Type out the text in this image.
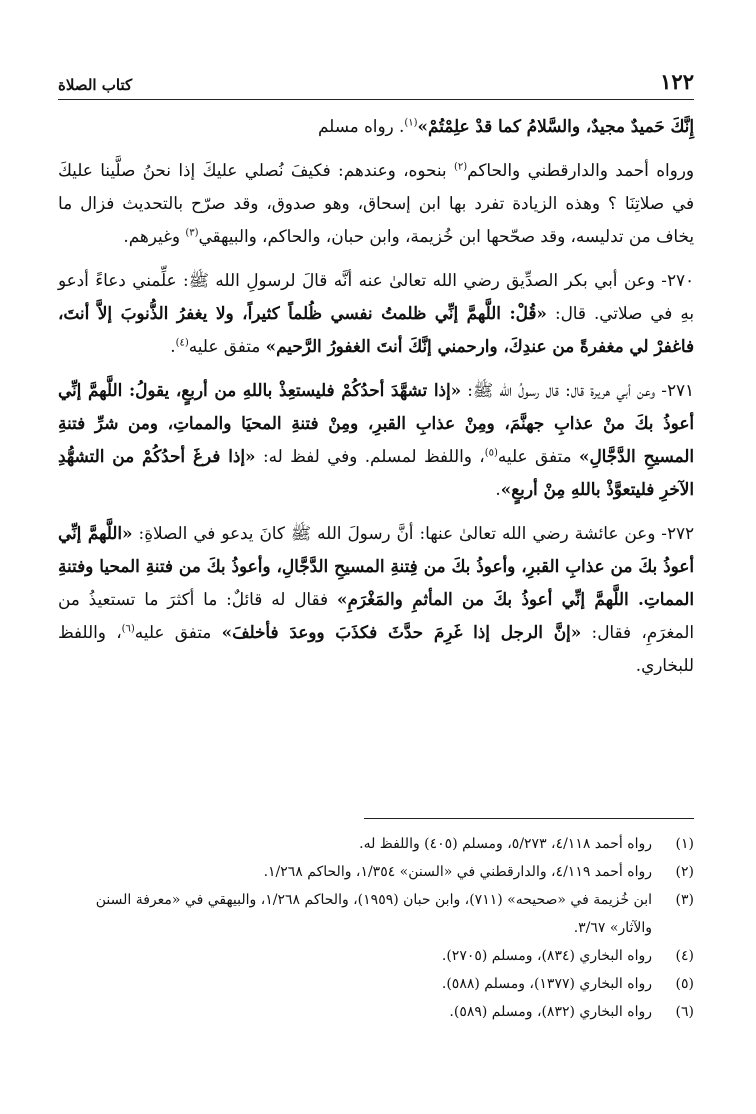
١٢٢
كتاب الصلاة

إِنَّكَ حَميدٌ مجيدٌ، والسَّلامُ كما قدْ علِمْتُمْ»$^{(١)}$. رواه مسلم

ورواه أحمد والدارقطني والحاكم$^{(٢)}$ بنحوه، وعندهم: فكيفَ نُصلي عليكَ إذا نحنُ صلَّينا عليكَ في صلاتِنَا ؟ وهذه الزيادة تفرد بها ابن إسحاق، وهو صدوق، وقد صرّح بالتحديث فزال ما يخاف من تدليسه، وقد صحّحها ابن خُزيمة، وابن حبان، والحاكم، والبيهقي$^{(٣)}$ وغيرهم.

٢٧٠- وعن أبي بكر الصدِّيق رضي الله تعالىٰ عنه أنَّه قالَ لرسولِ الله ﷺ: علِّمني دعاءً أدعو بهِ في صلاتي. قال: «قُلْ: اللَّهمَّ إنِّي ظلمتُ نفسي ظُلماً كثيراً، ولا يغفرُ الذُّنوبَ إلاَّ أنتَ، فاغفرْ لي مغفرةً من عندِكَ، وارحمني إنَّكَ أنتَ الغفورُ الرَّحيم» متفق عليه$^{(٤)}$.

٢٧١- وعن أبي هريرة قال: قال رسولُ الله ﷺ: «إذا تشهَّدَ أحدُكُمْ فليستعِذْ باللهِ من أربعٍ، يقولُ: اللَّهمَّ إنِّي أعوذُ بكَ منْ عذابِ جهنَّمَ، ومِنْ عذابِ القبرِ، ومِنْ فتنةِ المحيَا والمماتِ، ومن شرِّ فتنةِ المسيحِ الدَّجَّالِ» متفق عليه$^{(٥)}$، واللفظ لمسلم. وفي لفظ له: «إذا فرغَ أحدُكُمْ من التشهُّدِ الآخرِ فليتعوَّذْ باللهِ مِنْ أربعٍ».

٢٧٢- وعن عائشة رضي الله تعالىٰ عنها: أنَّ رسولَ الله ﷺ كانَ يدعو في الصلاةِ: «اللَّهمَّ إنِّي أعوذُ بكَ من عذابِ القبرِ، وأعوذُ بكَ من فِتنةِ المسيحِ الدَّجَّالِ، وأعوذُ بكَ من فتنةِ المحيا وفتنةِ المماتِ. اللَّهمَّ إنِّي أعوذُ بكَ من المأثمِ والمَغْرَمِ» فقال له قائلٌ: ما أكثرَ ما تستعيذُ من المغرَمِ، فقال: «إنَّ الرجل إذا غَرِمَ حدَّثَ فكذَبَ ووعدَ فأخلفَ» متفق عليه$^{(٦)}$، واللفظ للبخاري.

(١)
رواه أحمد ٤/١١٨، ٥/٢٧٣، ومسلم (٤٠٥) واللفظ له.
(٢)
رواه أحمد ٤/١١٩، والدارقطني في «السنن» ١/٣٥٤، والحاكم ١/٢٦٨.
(٣)
ابن خُزيمة في «صحيحه» (٧١١)، وابن حبان (١٩٥٩)، والحاكم ١/٢٦٨، والبيهقي في «معرفة السنن والآثار» ٣/٦٧.
(٤)
رواه البخاري (٨٣٤)، ومسلم (٢٧٠٥).
(٥)
رواه البخاري (١٣٧٧)، ومسلم (٥٨٨).
(٦)
رواه البخاري (٨٣٢)، ومسلم (٥٨٩).
